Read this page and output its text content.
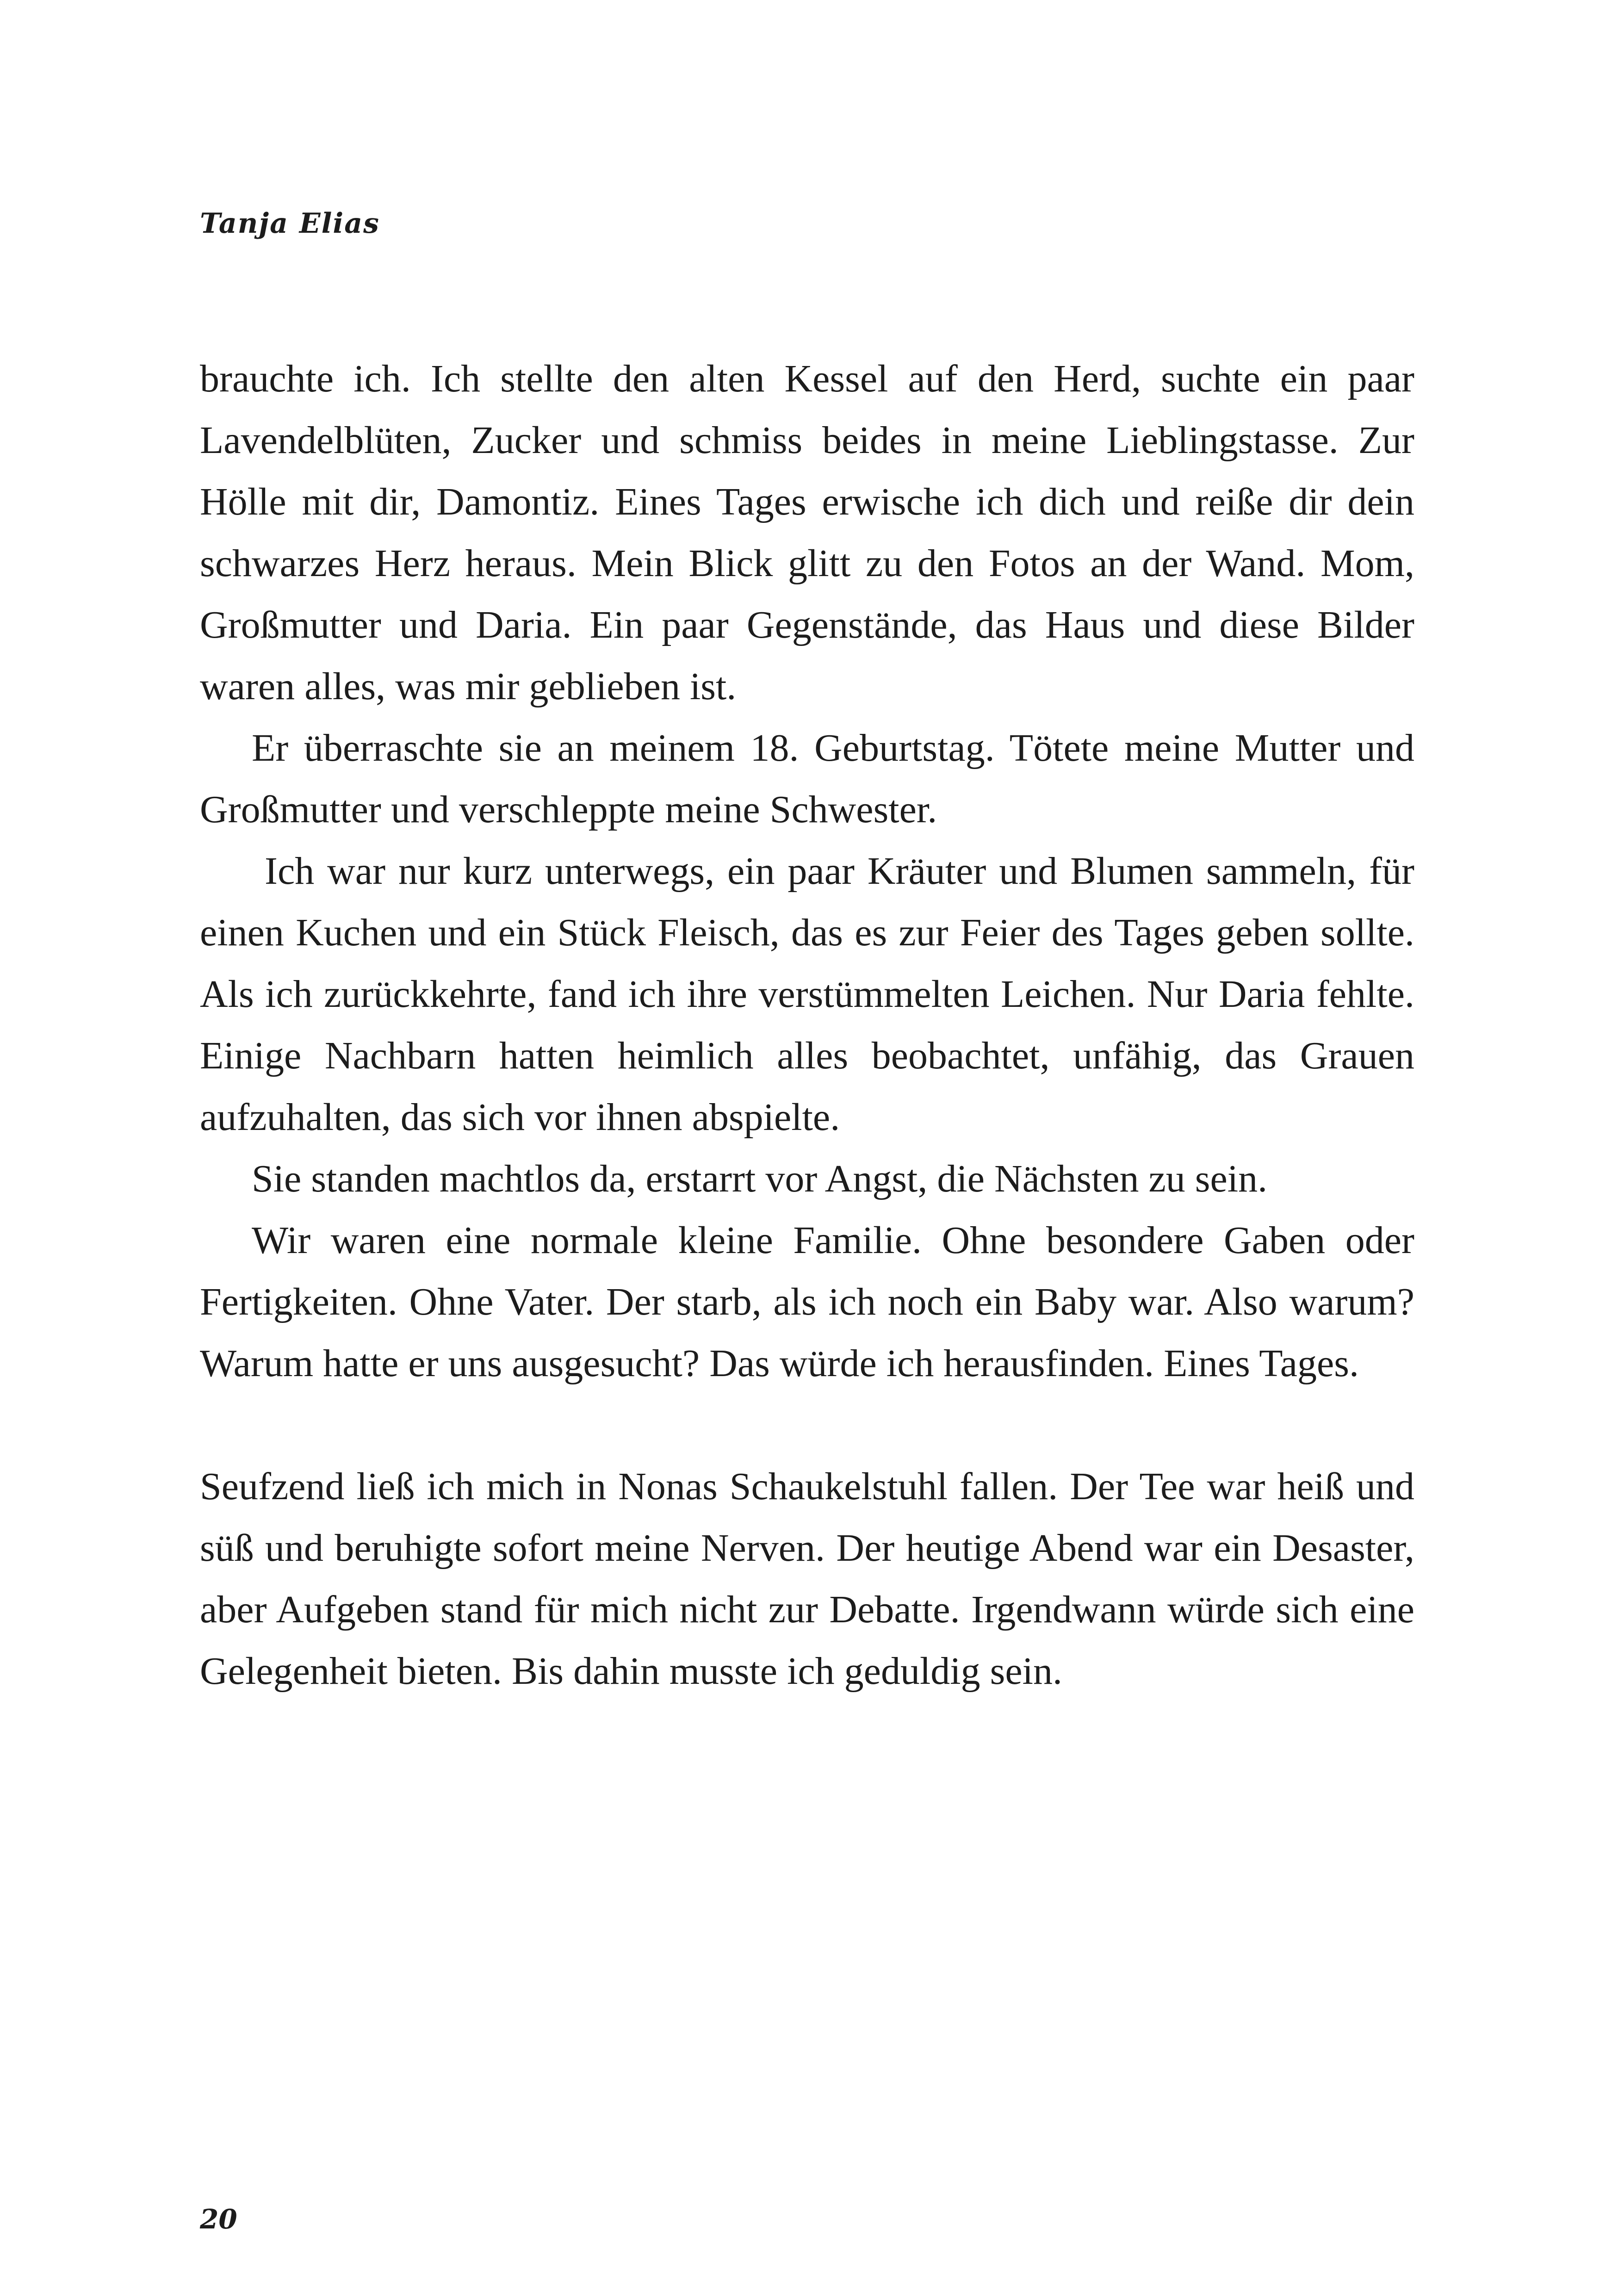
Tanja Elias

brauchte ich. Ich stellte den alten Kessel auf den Herd, suchte ein paar Lavendelblüten, Zucker und schmiss beides in meine Lieblingstasse. Zur Hölle mit dir, Damontiz. Eines Tages erwische ich dich und reiße dir dein schwarzes Herz heraus. Mein Blick glitt zu den Fotos an der Wand. Mom, Großmutter und Daria. Ein paar Gegenstände, das Haus und diese Bilder waren alles, was mir geblieben ist.

Er überraschte sie an meinem 18. Geburtstag. Tötete meine Mutter und Großmutter und verschleppte meine Schwester.

Ich war nur kurz unterwegs, ein paar Kräuter und Blumen sammeln, für einen Kuchen und ein Stück Fleisch, das es zur Feier des Tages geben sollte. Als ich zurückkehrte, fand ich ihre verstümmelten Leichen. Nur Daria fehlte. Einige Nachbarn hatten heimlich alles beobachtet, unfähig, das Grauen aufzuhalten, das sich vor ihnen abspielte.

Sie standen machtlos da, erstarrt vor Angst, die Nächsten zu sein.

Wir waren eine normale kleine Familie. Ohne besondere Gaben oder Fertigkeiten. Ohne Vater. Der starb, als ich noch ein Baby war. Also warum? Warum hatte er uns ausgesucht? Das würde ich herausfinden. Eines Tages.

Seufzend ließ ich mich in Nonas Schaukelstuhl fallen. Der Tee war heiß und süß und beruhigte sofort meine Nerven. Der heutige Abend war ein Desaster, aber Aufgeben stand für mich nicht zur Debatte. Irgendwann würde sich eine Gelegenheit bieten. Bis dahin musste ich geduldig sein.

20
